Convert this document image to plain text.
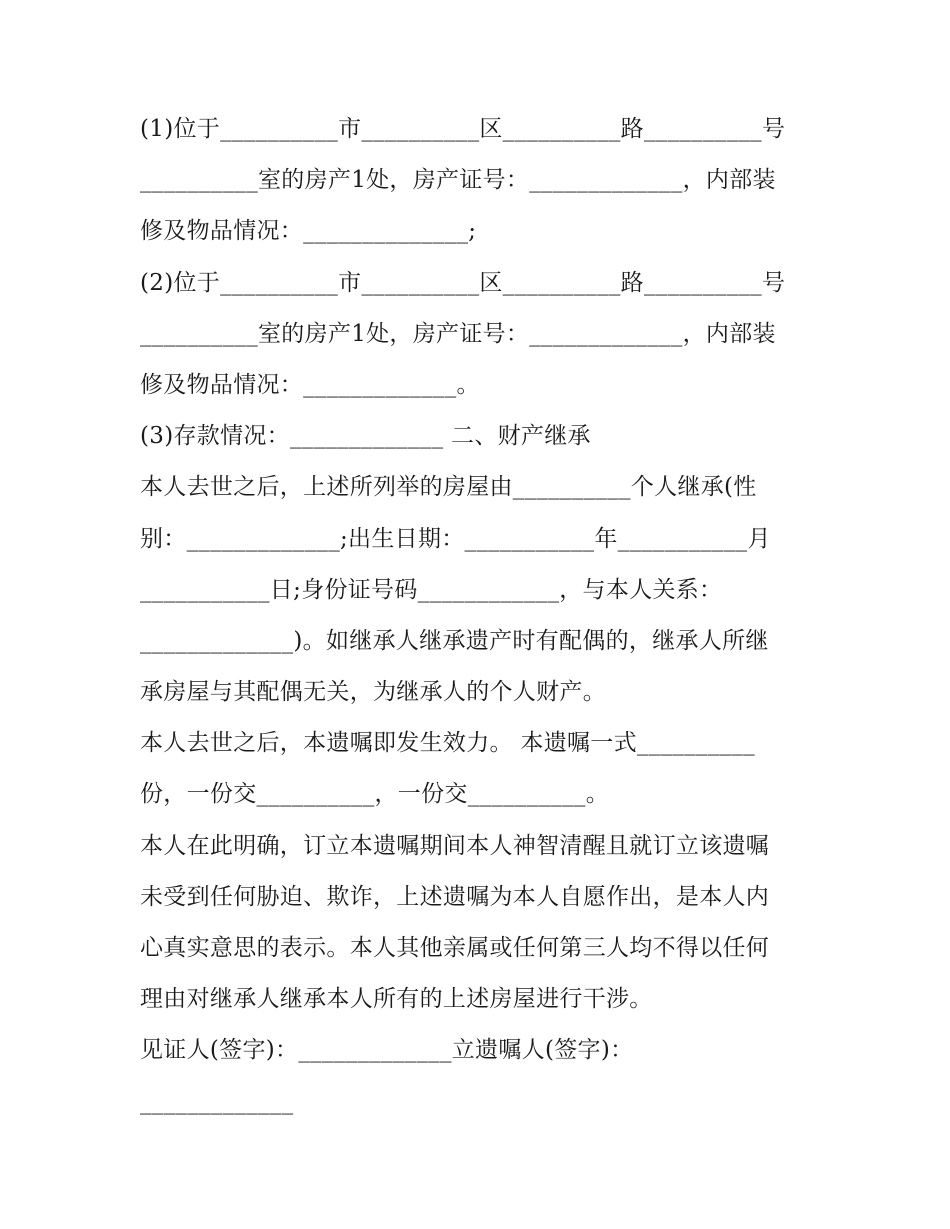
(1)位于__________市__________区__________路__________号
__________室的房产1处，房产证号：_____________，内部装
修及物品情况：______________;
(2)位于__________市__________区__________路__________号
__________室的房产1处，房产证号：_____________，内部装
修及物品情况：_____________。
(3)存款情况：_____________ 二、财产继承
本人去世之后，上述所列举的房屋由__________个人继承(性
别：_____________;出生日期：___________年___________月
___________日;身份证号码____________，与本人关系：
_____________)。如继承人继承遗产时有配偶的，继承人所继
承房屋与其配偶无关，为继承人的个人财产。
本人去世之后，本遗嘱即发生效力。 本遗嘱一式__________
份，一份交__________，一份交__________。
本人在此明确，订立本遗嘱期间本人神智清醒且就订立该遗嘱
未受到任何胁迫、欺诈，上述遗嘱为本人自愿作出，是本人内
心真实意思的表示。本人其他亲属或任何第三人均不得以任何
理由对继承人继承本人所有的上述房屋进行干涉。
见证人(签字)：_____________立遗嘱人(签字)：
_____________
